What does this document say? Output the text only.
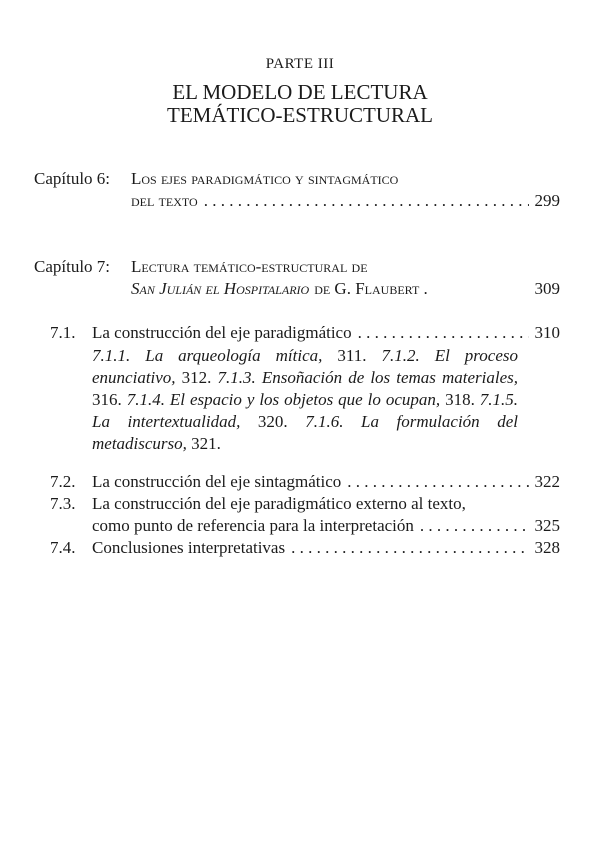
PARTE III
EL MODELO DE LECTURA
TEMÁTICO-ESTRUCTURAL
Capítulo 6: Los ejes paradigmático y sintagmático
del texto . . .	299
Capítulo 7: Lectura temático-estructural de
San Julián el Hospitalario de G. Flaubert .	309
7.1. La construcción del eje paradigmático . . .	310
7.1.1. La arqueología mítica, 311. 7.1.2. El proceso enunciativo, 312. 7.1.3. Ensoñación de los temas materiales, 316. 7.1.4. El espacio y los objetos que lo ocupan, 318. 7.1.5. La intertextualidad, 320. 7.1.6. La formulación del metadiscurso, 321.
7.2. La construcción del eje sintagmático . . .	322
7.3. La construcción del eje paradigmático externo al texto,
como punto de referencia para la interpretación . . .	325
7.4. Conclusiones interpretativas . . .	328
